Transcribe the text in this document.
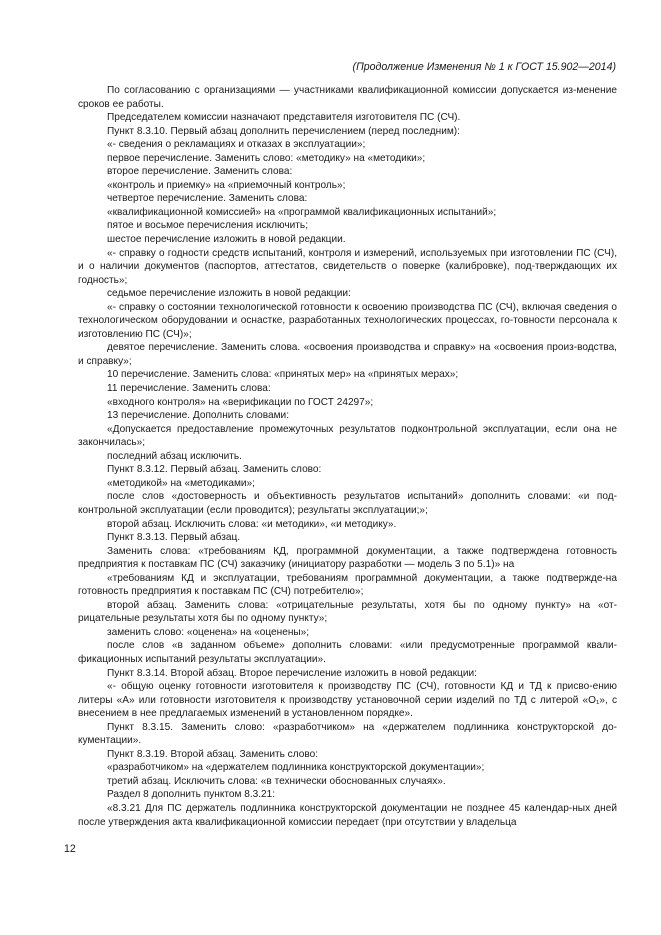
(Продолжение Изменения № 1 к ГОСТ 15.902—2014)

По согласованию с организациями — участниками квалификационной комиссии допускается из-менение сроков ее работы.

Председателем комиссии назначают представителя изготовителя ПС (СЧ).

Пункт 8.3.10. Первый абзац дополнить перечислением (перед последним):

«- сведения о рекламациях и отказах в эксплуатации»;

первое перечисление. Заменить слово: «методику» на «методики»;

второе перечисление. Заменить слова:

«контроль и приемку» на «приемочный контроль»;

четвертое перечисление. Заменить слова:

«квалификационной комиссией» на «программой квалификационных испытаний»;

пятое и восьмое перечисления исключить;

шестое перечисление изложить в новой редакции.

«- справку о годности средств испытаний, контроля и измерений, используемых при изготовлении ПС (СЧ), и о наличии документов (паспортов, аттестатов, свидетельств о поверке (калибровке), под-тверждающих их годность»;

седьмое перечисление изложить в новой редакции:

«- справку о состоянии технологической готовности к освоению производства ПС (СЧ), включая сведения о технологическом оборудовании и оснастке, разработанных технологических процессах, го-товности персонала к изготовлению ПС (СЧ)»;

девятое перечисление. Заменить слова. «освоения производства и справку» на «освоения произ-водства, и справку»;

10 перечисление. Заменить слова: «принятых мер» на «принятых мерах»;

11 перечисление. Заменить слова:

«входного контроля» на «верификации по ГОСТ 24297»;

13 перечисление. Дополнить словами:

«Допускается предоставление промежуточных результатов подконтрольной эксплуатации, если она не закончилась»;

последний абзац исключить.

Пункт 8.3.12. Первый абзац. Заменить слово:

«методикой» на «методиками»;

после слов «достоверность и объективность результатов испытаний» дополнить словами: «и под-контрольной эксплуатации (если проводится); результаты эксплуатации;»;

второй абзац. Исключить слова: «и методики», «и методику».

Пункт 8.3.13. Первый абзац.

Заменить слова: «требованиям КД, программной документации, а также подтверждена готовность предприятия к поставкам ПС (СЧ) заказчику (инициатору разработки — модель 3 по 5.1)» на

«требованиям КД и эксплуатации, требованиям программной документации, а также подтвержде-на готовность предприятия к поставкам ПС (СЧ) потребителю»;

второй абзац. Заменить слова: «отрицательные результаты, хотя бы по одному пункту» на «от-рицательные результаты хотя бы по одному пункту»;

заменить слово: «оценена» на «оценены»;

после слов «в заданном объеме» дополнить словами: «или предусмотренные программой квали-фикационных испытаний результаты эксплуатации».

Пункт 8.3.14. Второй абзац. Второе перечисление изложить в новой редакции:

«- общую оценку готовности изготовителя к производству ПС (СЧ), готовности КД и ТД к присво-ению литеры «А» или готовности изготовителя к производству установочной серии изделий по ТД с литерой «О₁», с внесением в нее предлагаемых изменений в установленном порядке».

Пункт 8.3.15. Заменить слово: «разработчиком» на «держателем подлинника конструкторской до-кументации».

Пункт 8.3.19. Второй абзац. Заменить слово:

«разработчиком» на «держателем подлинника конструкторской документации»;

третий абзац. Исключить слова: «в технически обоснованных случаях».

Раздел 8 дополнить пунктом 8.3.21:

«8.3.21 Для ПС держатель подлинника конструкторской документации не позднее 45 календар-ных дней после утверждения акта квалификационной комиссии передает (при отсутствии у владельца

12
